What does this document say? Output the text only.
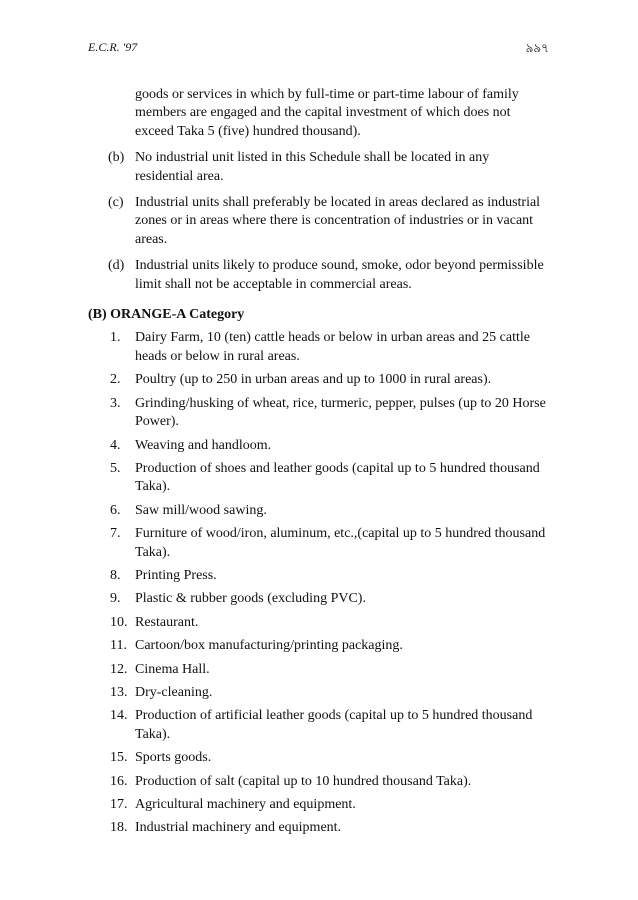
E.C.R. '97	৯৯৭
goods or services in which by full-time or part-time labour of family members are engaged and the capital investment of which does not exceed Taka 5 (five) hundred thousand).
(b) No industrial unit listed in this Schedule shall be located in any residential area.
(c) Industrial units shall preferably be located in areas declared as industrial zones or in areas where there is concentration of industries or in vacant areas.
(d) Industrial units likely to produce sound, smoke, odor beyond permissible limit shall not be acceptable in commercial areas.
(B) ORANGE-A Category
1.	Dairy Farm, 10 (ten) cattle heads or below in urban areas and 25 cattle heads or below in rural areas.
2.	Poultry (up to 250 in urban areas and up to 1000 in rural areas).
3.	Grinding/husking of wheat, rice, turmeric, pepper, pulses (up to 20 Horse Power).
4.	Weaving and handloom.
5.	Production of shoes and leather goods (capital up to 5 hundred thousand Taka).
6.	Saw mill/wood sawing.
7.	Furniture of wood/iron, aluminum, etc.,(capital up to 5 hundred thousand Taka).
8.	Printing Press.
9.	Plastic & rubber goods (excluding PVC).
10. Restaurant.
11. Cartoon/box manufacturing/printing packaging.
12. Cinema Hall.
13. Dry-cleaning.
14. Production of artificial leather goods (capital up to 5 hundred thousand Taka).
15. Sports goods.
16. Production of salt (capital up to 10 hundred thousand Taka).
17. Agricultural machinery and equipment.
18. Industrial machinery and equipment.
